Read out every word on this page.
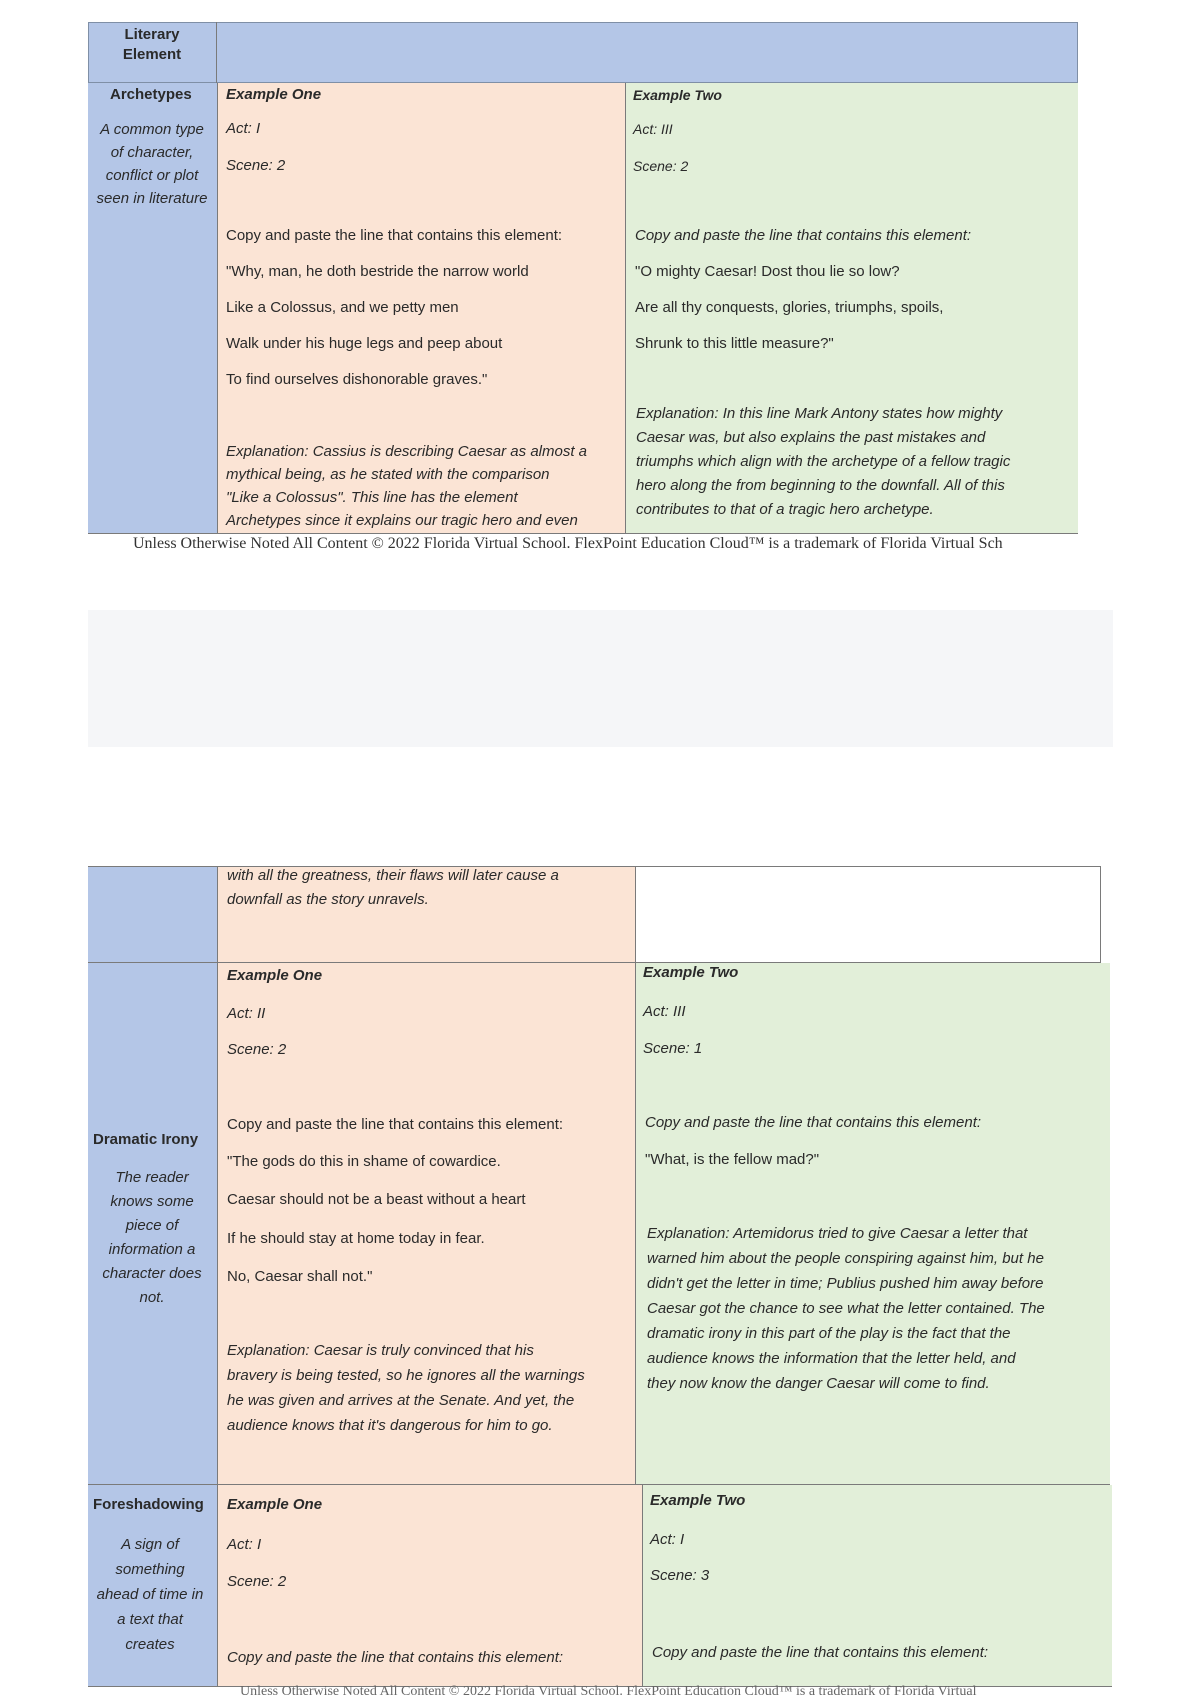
Literary Element
Archetypes
A common type of character, conflict or plot seen in literature
Example One
Act: I
Scene: 2
Copy and paste the line that contains this element:
"Why, man, he doth bestride the narrow world
Like a Colossus, and we petty men
Walk under his huge legs and peep about
To find ourselves dishonorable graves."
Explanation: Cassius is describing Caesar as almost a
mythical being, as he stated with the comparison
"Like a Colossus". This line has the element
Archetypes since it explains our tragic hero and even
Example Two
Act: III
Scene: 2
Copy and paste the line that contains this element:
"O mighty Caesar! Dost thou lie so low?
Are all thy conquests, glories, triumphs, spoils,
Shrunk to this little measure?"
Explanation: In this line Mark Antony states how mighty
Caesar was, but also explains the past mistakes and
triumphs which align with the archetype of a fellow tragic
hero along the from beginning to the downfall. All of this
contributes to that of a tragic hero archetype.
Unless Otherwise Noted All Content © 2022 Florida Virtual School. FlexPoint Education Cloud™ is a trademark of Florida Virtual Sch
with all the greatness, their flaws will later cause a
downfall as the story unravels.
Dramatic Irony
The reader knows some piece of information a character does not.
Example One
Act: II
Scene: 2
Copy and paste the line that contains this element:
"The gods do this in shame of cowardice.
Caesar should not be a beast without a heart
If he should stay at home today in fear.
No, Caesar shall not."
Explanation: Caesar is truly convinced that his
bravery is being tested, so he ignores all the warnings
he was given and arrives at the Senate. And yet, the
audience knows that it's dangerous for him to go.
Example Two
Act: III
Scene: 1
Copy and paste the line that contains this element:
"What, is the fellow mad?"
Explanation: Artemidorus tried to give Caesar a letter that
warned him about the people conspiring against him, but he
didn't get the letter in time; Publius pushed him away before
Caesar got the chance to see what the letter contained. The
dramatic irony in this part of the play is the fact that the
audience knows the information that the letter held, and
they now know the danger Caesar will come to find.
Foreshadowing
A sign of something ahead of time in a text that creates
Example One
Act: I
Scene: 2
Copy and paste the line that contains this element:
Example Two
Act: I
Scene: 3
Copy and paste the line that contains this element:
Unless Otherwise Noted All Content © 2022 Florida Virtual School. FlexPoint Education Cloud™ is a trademark of Florida Virtual
